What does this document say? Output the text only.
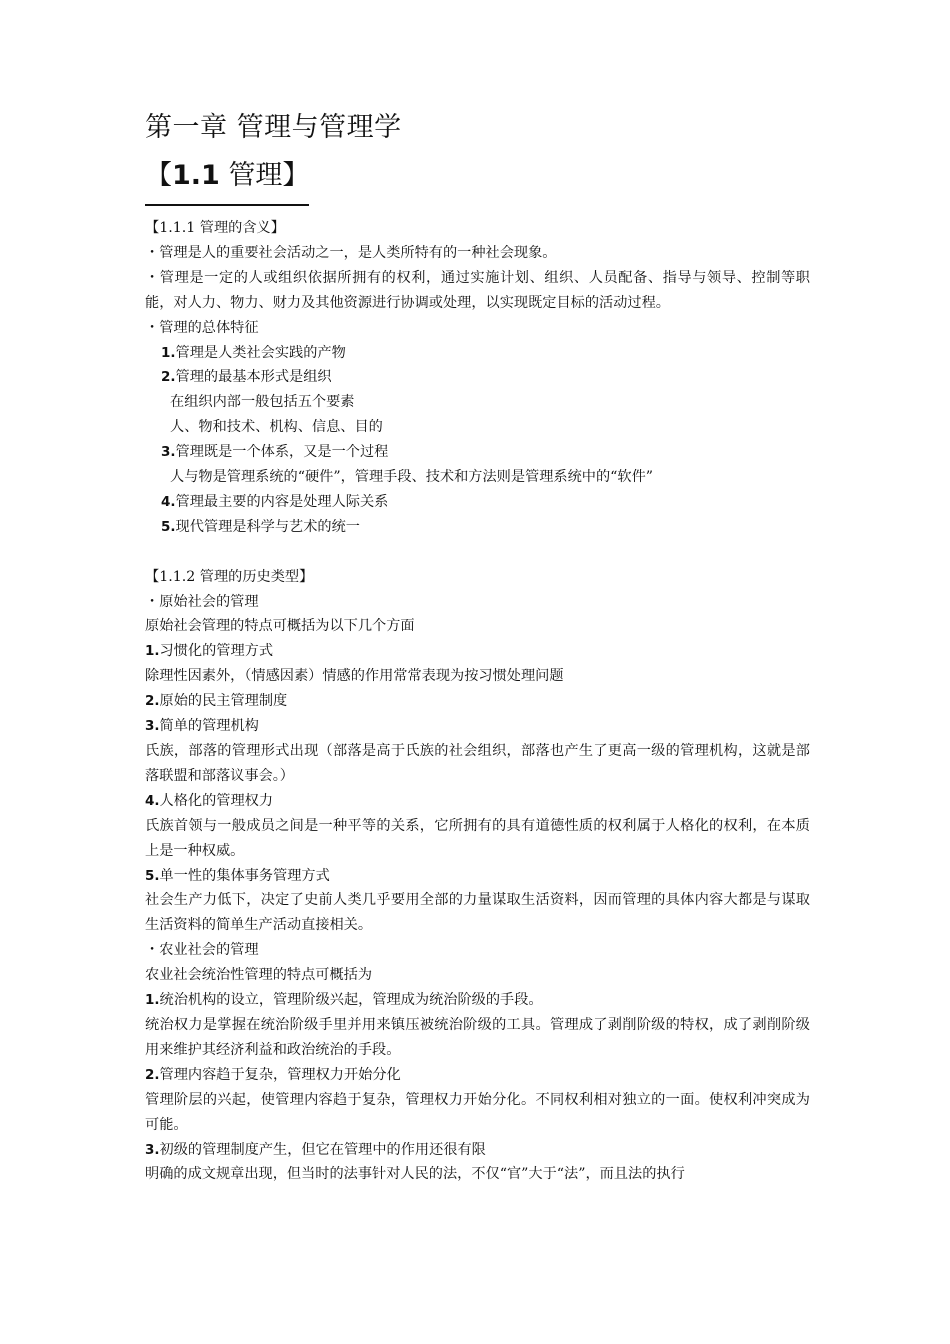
第一章 管理与管理学
【1.1 管理】

【1.1.1 管理的含义】

・管理是人的重要社会活动之一，是人类所特有的一种社会现象。

・管理是一定的人或组织依据所拥有的权利，通过实施计划、组织、人员配备、指导与领导、控制等职能，对人力、物力、财力及其他资源进行协调或处理，以实现既定目标的活动过程。

・管理的总体特征

1.管理是人类社会实践的产物

2.管理的最基本形式是组织

在组织内部一般包括五个要素

人、物和技术、机构、信息、目的

3.管理既是一个体系，又是一个过程

人与物是管理系统的“硬件”，管理手段、技术和方法则是管理系统中的“软件”

4.管理最主要的内容是处理人际关系

5.现代管理是科学与艺术的统一

【1.1.2 管理的历史类型】

・原始社会的管理

原始社会管理的特点可概括为以下几个方面

1.习惯化的管理方式

除理性因素外，（情感因素）情感的作用常常表现为按习惯处理问题

2.原始的民主管理制度

3.简单的管理机构

氏族，部落的管理形式出现（部落是高于氏族的社会组织，部落也产生了更高一级的管理机构，这就是部落联盟和部落议事会。）

4.人格化的管理权力

氏族首领与一般成员之间是一种平等的关系，它所拥有的具有道德性质的权利属于人格化的权利，在本质上是一种权威。

5.单一性的集体事务管理方式

社会生产力低下，决定了史前人类几乎要用全部的力量谋取生活资料，因而管理的具体内容大都是与谋取生活资料的简单生产活动直接相关。

・农业社会的管理

农业社会统治性管理的特点可概括为

1.统治机构的设立，管理阶级兴起，管理成为统治阶级的手段。

统治权力是掌握在统治阶级手里并用来镇压被统治阶级的工具。管理成了剥削阶级的特权，成了剥削阶级用来维护其经济利益和政治统治的手段。

2.管理内容趋于复杂，管理权力开始分化

管理阶层的兴起，使管理内容趋于复杂，管理权力开始分化。不同权利相对独立的一面。使权利冲突成为可能。

3.初级的管理制度产生，但它在管理中的作用还很有限

明确的成文规章出现，但当时的法事针对人民的法，不仅“官”大于“法”，而且法的执行
